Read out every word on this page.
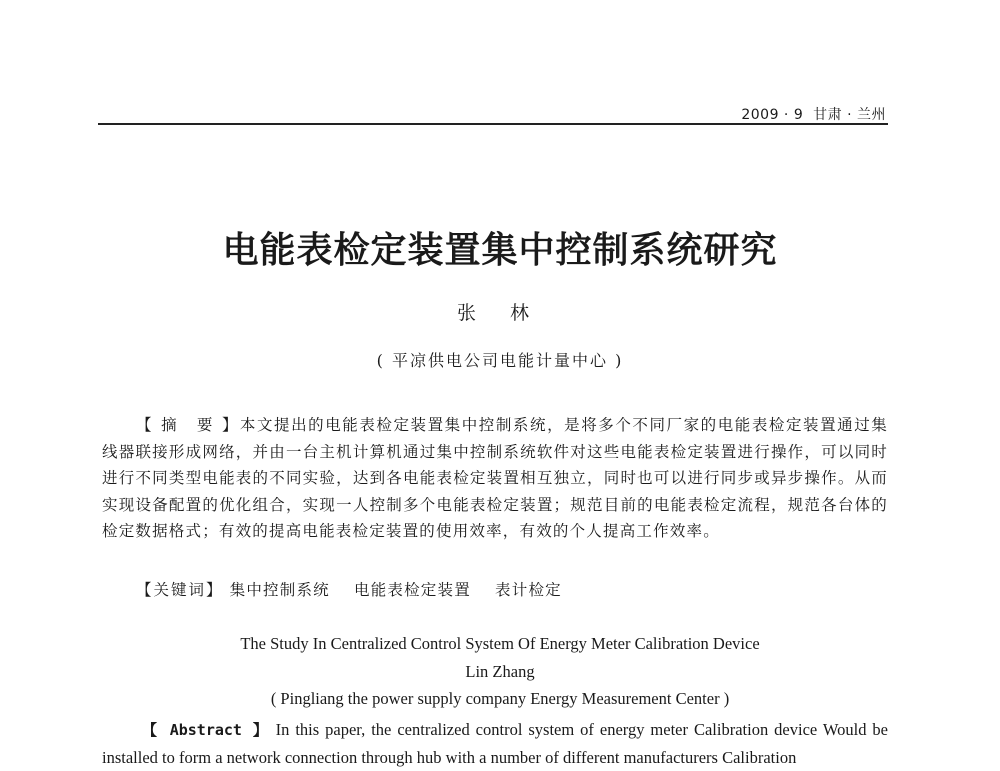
2009 · 9 甘肃 · 兰州
电能表检定装置集中控制系统研究
张 林
( 平凉供电公司电能计量中心 )

【 摘　要 】本文提出的电能表检定装置集中控制系统，是将多个不同厂家的电能表检定装置通过集线器联接形成网络，并由一台主机计算机通过集中控制系统软件对这些电能表检定装置进行操作，可以同时进行不同类型电能表的不同实验，达到各电能表检定装置相互独立，同时也可以进行同步或异步操作。从而实现设备配置的优化组合，实现一人控制多个电能表检定装置；规范目前的电能表检定流程，规范各台体的检定数据格式；有效的提高电能表检定装置的使用效率，有效的个人提高工作效率。

【关键词】 集中控制系统 电能表检定装置 表计检定
The Study In Centralized Control System Of Energy Meter Calibration Device
Lin Zhang
( Pingliang the power supply company Energy Measurement Center )

【 Abstract 】 In this paper, the centralized control system of energy meter Calibration device Would be installed to form a network connection through hub with a number of different manufacturers Calibration
